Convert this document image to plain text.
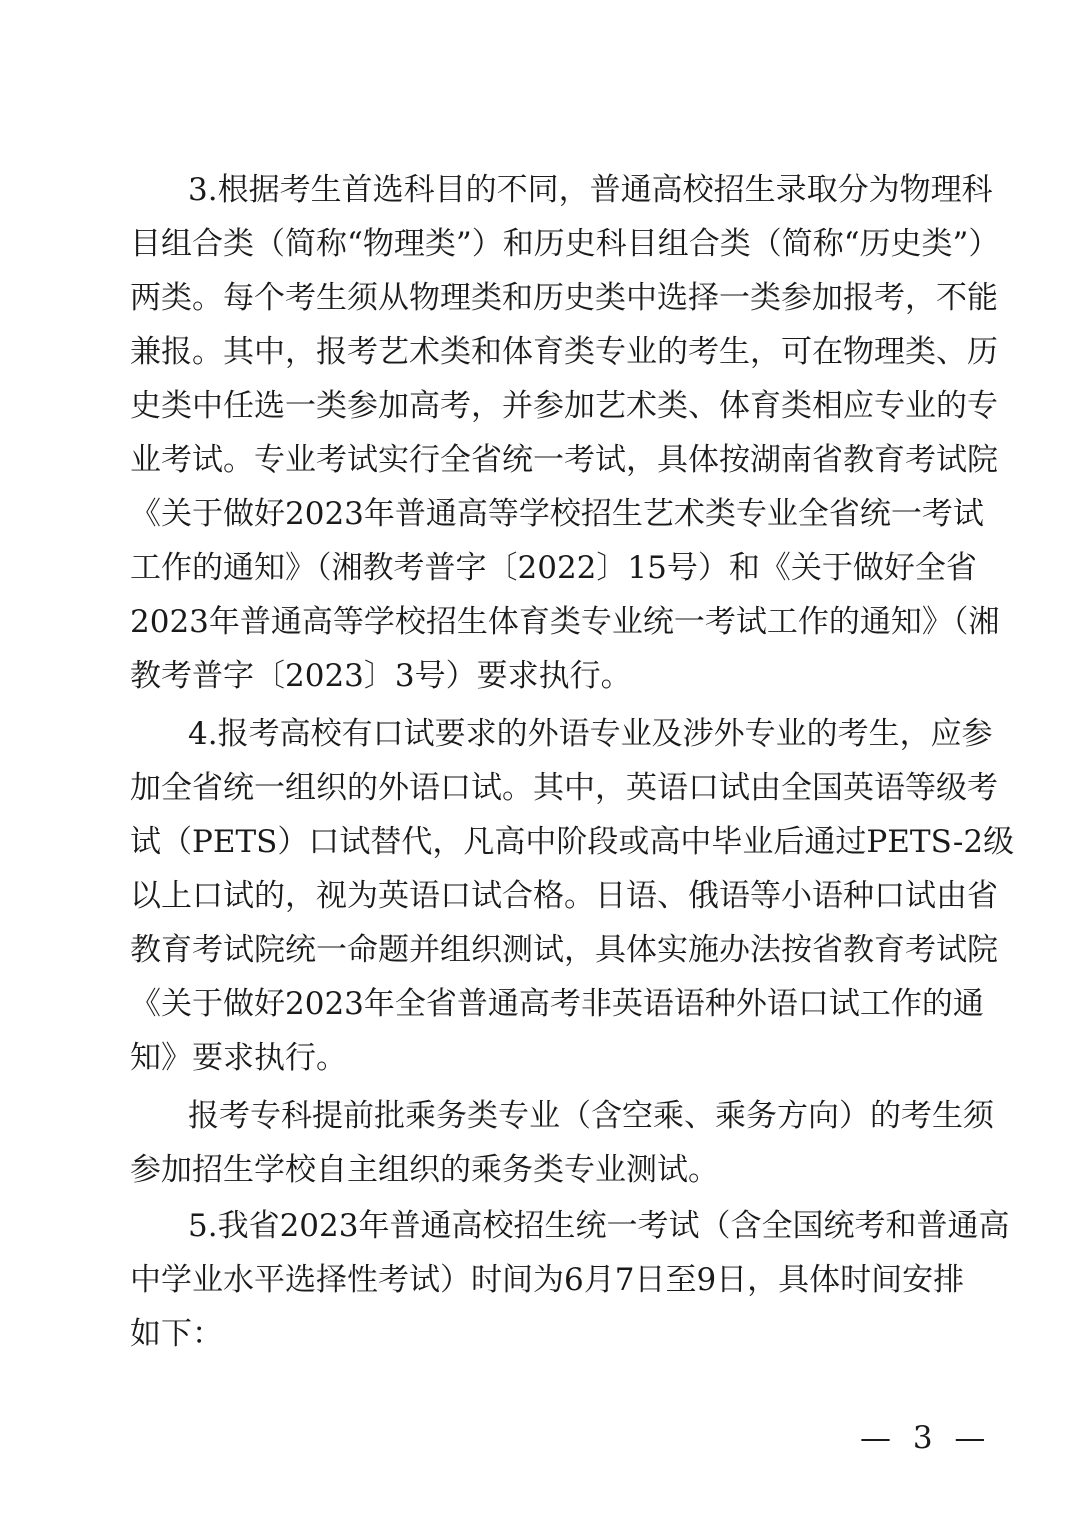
3.根据考生首选科目的不同，普通高校招生录取分为物理科
目组合类（简称“物理类”）和历史科目组合类（简称“历史类”）
两类。每个考生须从物理类和历史类中选择一类参加报考，不能
兼报。其中，报考艺术类和体育类专业的考生，可在物理类、历
史类中任选一类参加高考，并参加艺术类、体育类相应专业的专
业考试。专业考试实行全省统一考试，具体按湖南省教育考试院
《关于做好2023年普通高等学校招生艺术类专业全省统一考试
工作的通知》（湘教考普字〔2022〕15号）和《关于做好全省
2023年普通高等学校招生体育类专业统一考试工作的通知》（湘
教考普字〔2023〕3号）要求执行。
4.报考高校有口试要求的外语专业及涉外专业的考生，应参
加全省统一组织的外语口试。其中，英语口试由全国英语等级考
试（PETS）口试替代，凡高中阶段或高中毕业后通过PETS-2级
以上口试的，视为英语口试合格。日语、俄语等小语种口试由省
教育考试院统一命题并组织测试，具体实施办法按省教育考试院
《关于做好2023年全省普通高考非英语语种外语口试工作的通
知》要求执行。
报考专科提前批乘务类专业（含空乘、乘务方向）的考生须
参加招生学校自主组织的乘务类专业测试。
5.我省2023年普通高校招生统一考试（含全国统考和普通高
中学业水平选择性考试）时间为6月7日至9日，具体时间安排
如下：
— 3 —
